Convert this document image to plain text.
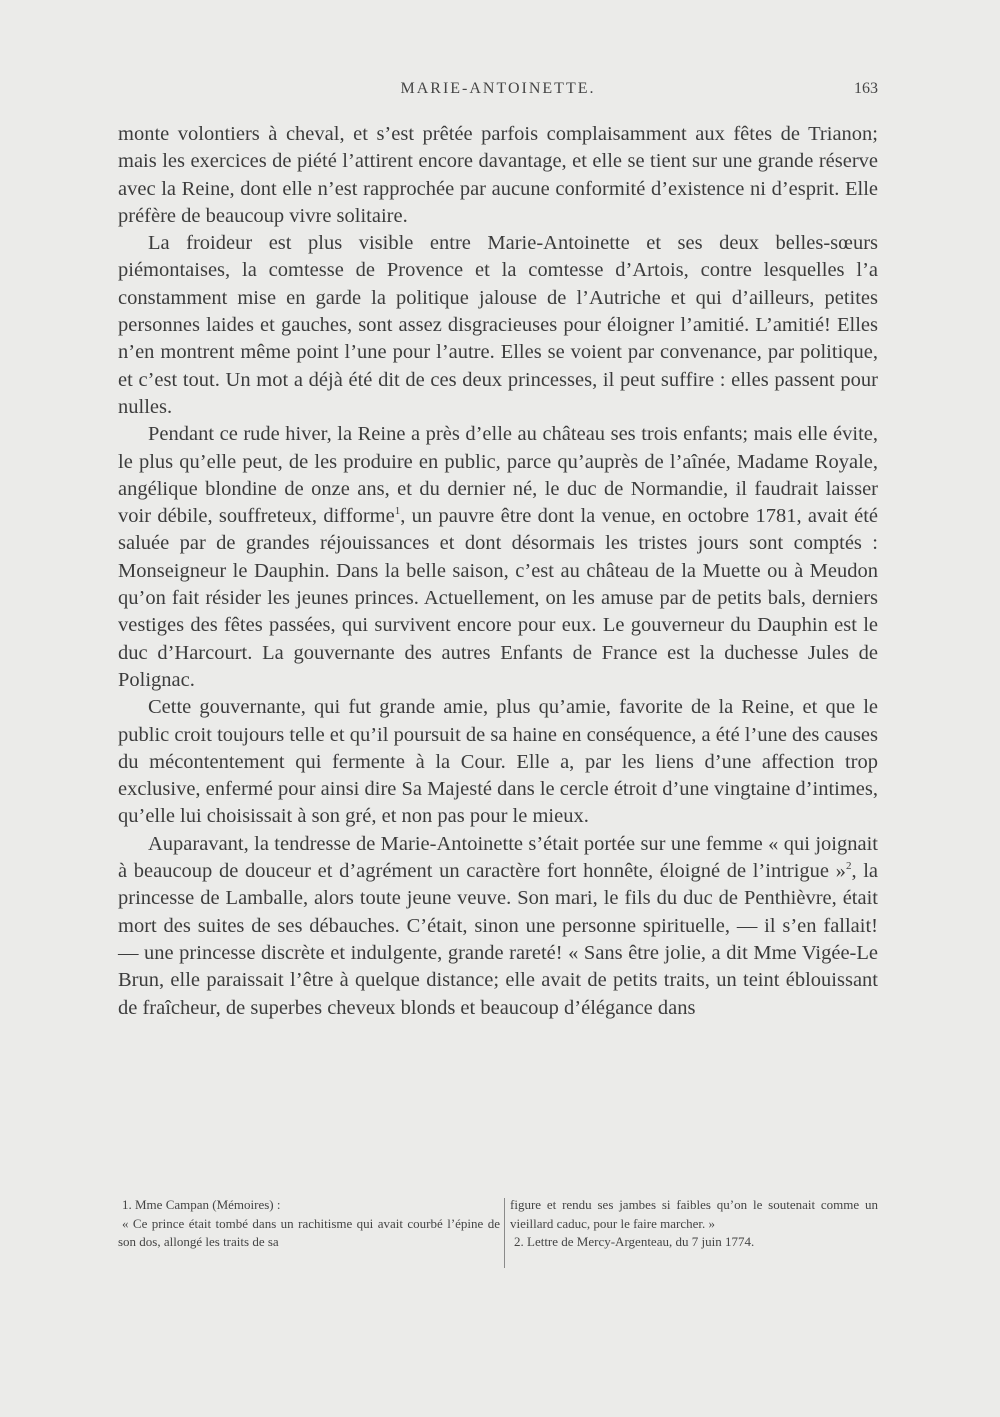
MARIE-ANTOINETTE.	163

monte volontiers à cheval, et s’est prêtée parfois complaisamment aux fêtes de Trianon; mais les exercices de piété l’attirent encore davantage, et elle se tient sur une grande réserve avec la Reine, dont elle n’est rapprochée par aucune conformité d’existence ni d’esprit. Elle préfère de beaucoup vivre solitaire.

La froideur est plus visible entre Marie-Antoinette et ses deux belles-sœurs piémontaises, la comtesse de Provence et la comtesse d’Artois, contre lesquelles l’a constamment mise en garde la politique jalouse de l’Autriche et qui d’ailleurs, petites personnes laides et gauches, sont assez disgracieuses pour éloigner l’amitié. L’amitié! Elles n’en montrent même point l’une pour l’autre. Elles se voient par convenance, par politique, et c’est tout. Un mot a déjà été dit de ces deux princesses, il peut suffire : elles passent pour nulles.

Pendant ce rude hiver, la Reine a près d’elle au château ses trois enfants; mais elle évite, le plus qu’elle peut, de les produire en public, parce qu’auprès de l’aînée, Madame Royale, angélique blondine de onze ans, et du dernier né, le duc de Normandie, il faudrait laisser voir débile, souffreteux, difforme$^1$, un pauvre être dont la venue, en octobre 1781, avait été saluée par de grandes réjouissances et dont désormais les tristes jours sont comptés : Monseigneur le Dauphin. Dans la belle saison, c’est au château de la Muette ou à Meudon qu’on fait résider les jeunes princes. Actuellement, on les amuse par de petits bals, derniers vestiges des fêtes passées, qui survivent encore pour eux. Le gouverneur du Dauphin est le duc d’Harcourt. La gouvernante des autres Enfants de France est la duchesse Jules de Polignac.

Cette gouvernante, qui fut grande amie, plus qu’amie, favorite de la Reine, et que le public croit toujours telle et qu’il poursuit de sa haine en conséquence, a été l’une des causes du mécontentement qui fermente à la Cour. Elle a, par les liens d’une affection trop exclusive, enfermé pour ainsi dire Sa Majesté dans le cercle étroit d’une vingtaine d’intimes, qu’elle lui choisissait à son gré, et non pas pour le mieux.

Auparavant, la tendresse de Marie-Antoinette s’était portée sur une femme « qui joignait à beaucoup de douceur et d’agrément un caractère fort honnête, éloigné de l’intrigue »$^2$, la princesse de Lamballe, alors toute jeune veuve. Son mari, le fils du duc de Penthièvre, était mort des suites de ses débauches. C’était, sinon une personne spirituelle, — il s’en fallait! — une princesse discrète et indulgente, grande rareté! « Sans être jolie, a dit Mme Vigée-Le Brun, elle paraissait l’être à quelque distance; elle avait de petits traits, un teint éblouissant de fraîcheur, de superbes cheveux blonds et beaucoup d’élégance dans

1. Mme Campan (Mémoires) :
« Ce prince était tombé dans un rachitisme qui avait courbé l’épine de son dos, allongé les traits de sa
figure et rendu ses jambes si faibles qu’on le soutenait comme un vieillard caduc, pour le faire marcher. »
2. Lettre de Mercy-Argenteau, du 7 juin 1774.
